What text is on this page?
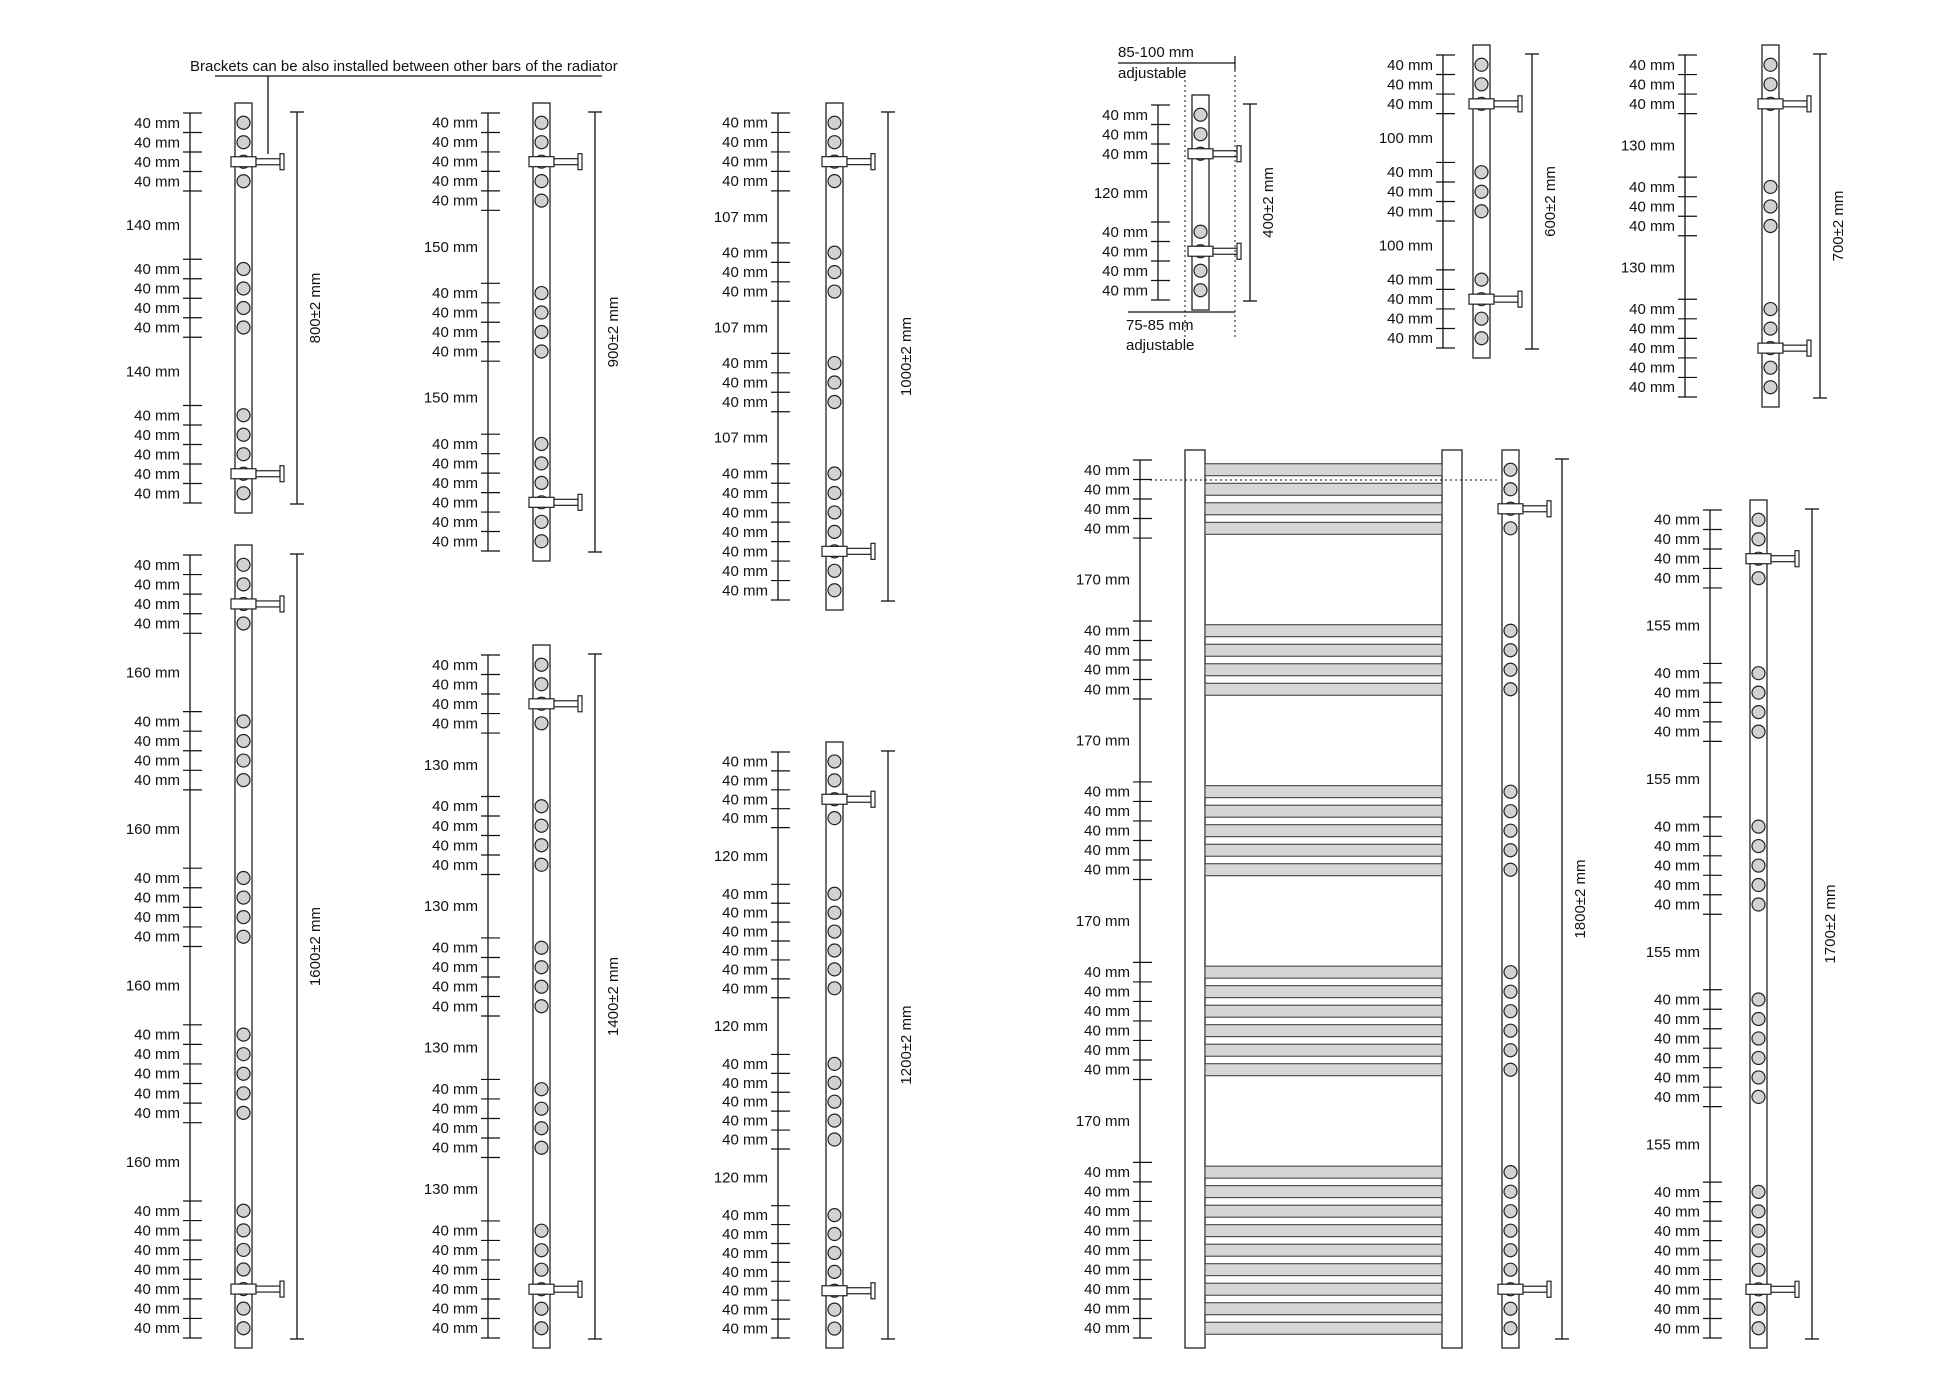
Brackets can be also installed between other bars of the radiator
40 mm
40 mm
40 mm
40 mm
140 mm
40 mm
40 mm
40 mm
40 mm
140 mm
40 mm
40 mm
40 mm
40 mm
40 mm
800±2 mm
40 mm
40 mm
40 mm
40 mm
40 mm
150 mm
40 mm
40 mm
40 mm
40 mm
150 mm
40 mm
40 mm
40 mm
40 mm
40 mm
40 mm
900±2 mm
40 mm
40 mm
40 mm
40 mm
107 mm
40 mm
40 mm
40 mm
107 mm
40 mm
40 mm
40 mm
107 mm
40 mm
40 mm
40 mm
40 mm
40 mm
40 mm
40 mm
1000±2 mm
40 mm
40 mm
40 mm
40 mm
160 mm
40 mm
40 mm
40 mm
40 mm
160 mm
40 mm
40 mm
40 mm
40 mm
160 mm
40 mm
40 mm
40 mm
40 mm
40 mm
160 mm
40 mm
40 mm
40 mm
40 mm
40 mm
40 mm
40 mm
1600±2 mm
40 mm
40 mm
40 mm
40 mm
130 mm
40 mm
40 mm
40 mm
40 mm
130 mm
40 mm
40 mm
40 mm
40 mm
130 mm
40 mm
40 mm
40 mm
40 mm
130 mm
40 mm
40 mm
40 mm
40 mm
40 mm
40 mm
1400±2 mm
40 mm
40 mm
40 mm
40 mm
120 mm
40 mm
40 mm
40 mm
40 mm
40 mm
40 mm
120 mm
40 mm
40 mm
40 mm
40 mm
40 mm
120 mm
40 mm
40 mm
40 mm
40 mm
40 mm
40 mm
40 mm
1200±2 mm
40 mm
40 mm
40 mm
120 mm
40 mm
40 mm
40 mm
40 mm
400±2 mm
85-100 mm
adjustable
75-85 mm
adjustable
40 mm
40 mm
40 mm
100 mm
40 mm
40 mm
40 mm
100 mm
40 mm
40 mm
40 mm
40 mm
600±2 mm
40 mm
40 mm
40 mm
130 mm
40 mm
40 mm
40 mm
130 mm
40 mm
40 mm
40 mm
40 mm
40 mm
700±2 mm
40 mm
40 mm
40 mm
40 mm
170 mm
40 mm
40 mm
40 mm
40 mm
170 mm
40 mm
40 mm
40 mm
40 mm
40 mm
170 mm
40 mm
40 mm
40 mm
40 mm
40 mm
40 mm
170 mm
40 mm
40 mm
40 mm
40 mm
40 mm
40 mm
40 mm
40 mm
40 mm
1800±2 mm
40 mm
40 mm
40 mm
40 mm
155 mm
40 mm
40 mm
40 mm
40 mm
155 mm
40 mm
40 mm
40 mm
40 mm
40 mm
155 mm
40 mm
40 mm
40 mm
40 mm
40 mm
40 mm
155 mm
40 mm
40 mm
40 mm
40 mm
40 mm
40 mm
40 mm
40 mm
1700±2 mm
